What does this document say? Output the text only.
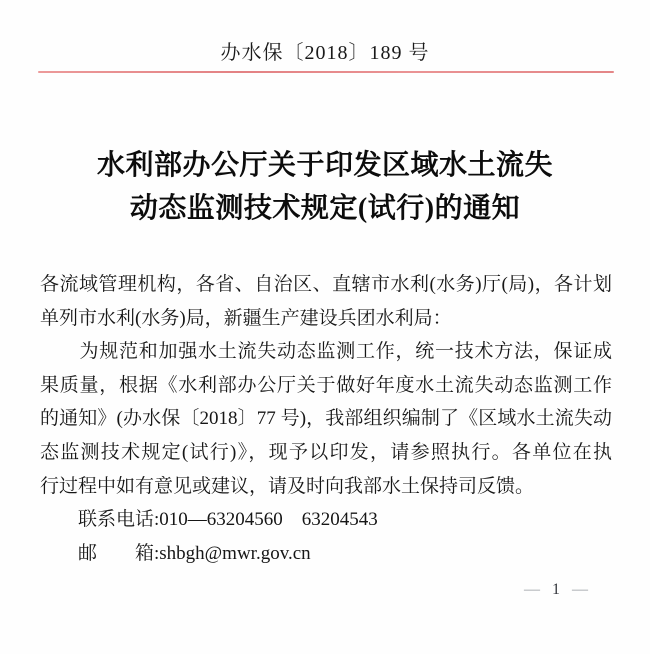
办水保〔2018〕189 号
水利部办公厅关于印发区域水土流失
动态监测技术规定(试行)的通知
各流域管理机构，各省、自治区、直辖市水利(水务)厅(局)，各计划
单列市水利(水务)局，新疆生产建设兵团水利局：
　　为规范和加强水土流失动态监测工作，统一技术方法，保证成
果质量，根据《水利部办公厅关于做好年度水土流失动态监测工作
的通知》(办水保〔2018〕77 号)，我部组织编制了《区域水土流失动
态监测技术规定(试行)》，现予以印发，请参照执行。各单位在执
行过程中如有意见或建议，请及时向我部水土保持司反馈。
　　联系电话:010—63204560　63204543
　　邮　　箱:shbgh@mwr.gov.cn
— 1 —
